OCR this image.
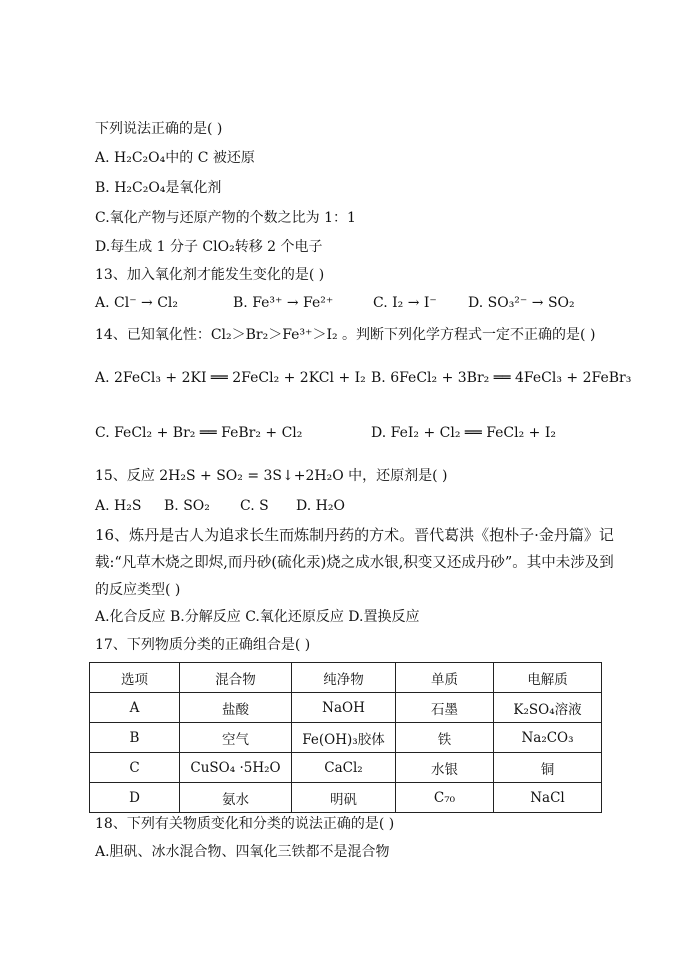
下列说法正确的是( )
A. H₂C₂O₄中的 C 被还原
B. H₂C₂O₄是氧化剂
C.氧化产物与还原产物的个数之比为 1：1
D.每生成 1 分子 ClO₂转移 2 个电子
13、加入氧化剂才能发生变化的是( )
A. Cl⁻ → Cl₂	B. Fe³⁺ → Fe²⁺	C. I₂ → I⁻ D. SO₃²⁻ → SO₂
14、已知氧化性：Cl₂＞Br₂＞Fe³⁺＞I₂ 。判断下列化学方程式一定不正确的是( )
A. 2FeCl₃ + 2KI ══ 2FeCl₂ + 2KCl + I₂ B. 6FeCl₂ + 3Br₂ ══ 4FeCl₃ + 2FeBr₃
C. FeCl₂ + Br₂ ══ FeBr₂ + Cl₂	D. FeI₂ + Cl₂ ══ FeCl₂ + I₂
15、反应 2H₂S + SO₂ = 3S↓+2H₂O 中，还原剂是( )
A. H₂S B. SO₂ C. S D. H₂O
16、炼丹是古人为追求长生而炼制丹药的方术。晋代葛洪《抱朴子·金丹篇》记
载:“凡草木烧之即烬,而丹砂(硫化汞)烧之成水银,积变又还成丹砂”。其中未涉及到
的反应类型( )
A.化合反应 B.分解反应 C.氧化还原反应 D.置换反应
17、下列物质分类的正确组合是( )
选项	混合物	纯净物	单质	电解质
A	盐酸	NaOH	石墨	K₂SO₄溶液
B	空气	Fe(OH)₃胶体	铁	Na₂CO₃
C	CuSO₄ ·5H₂O	CaCl₂	水银	铜
D	氨水	明矾	C₇₀	NaCl
18、下列有关物质变化和分类的说法正确的是( )
A.胆矾、冰水混合物、四氧化三铁都不是混合物
